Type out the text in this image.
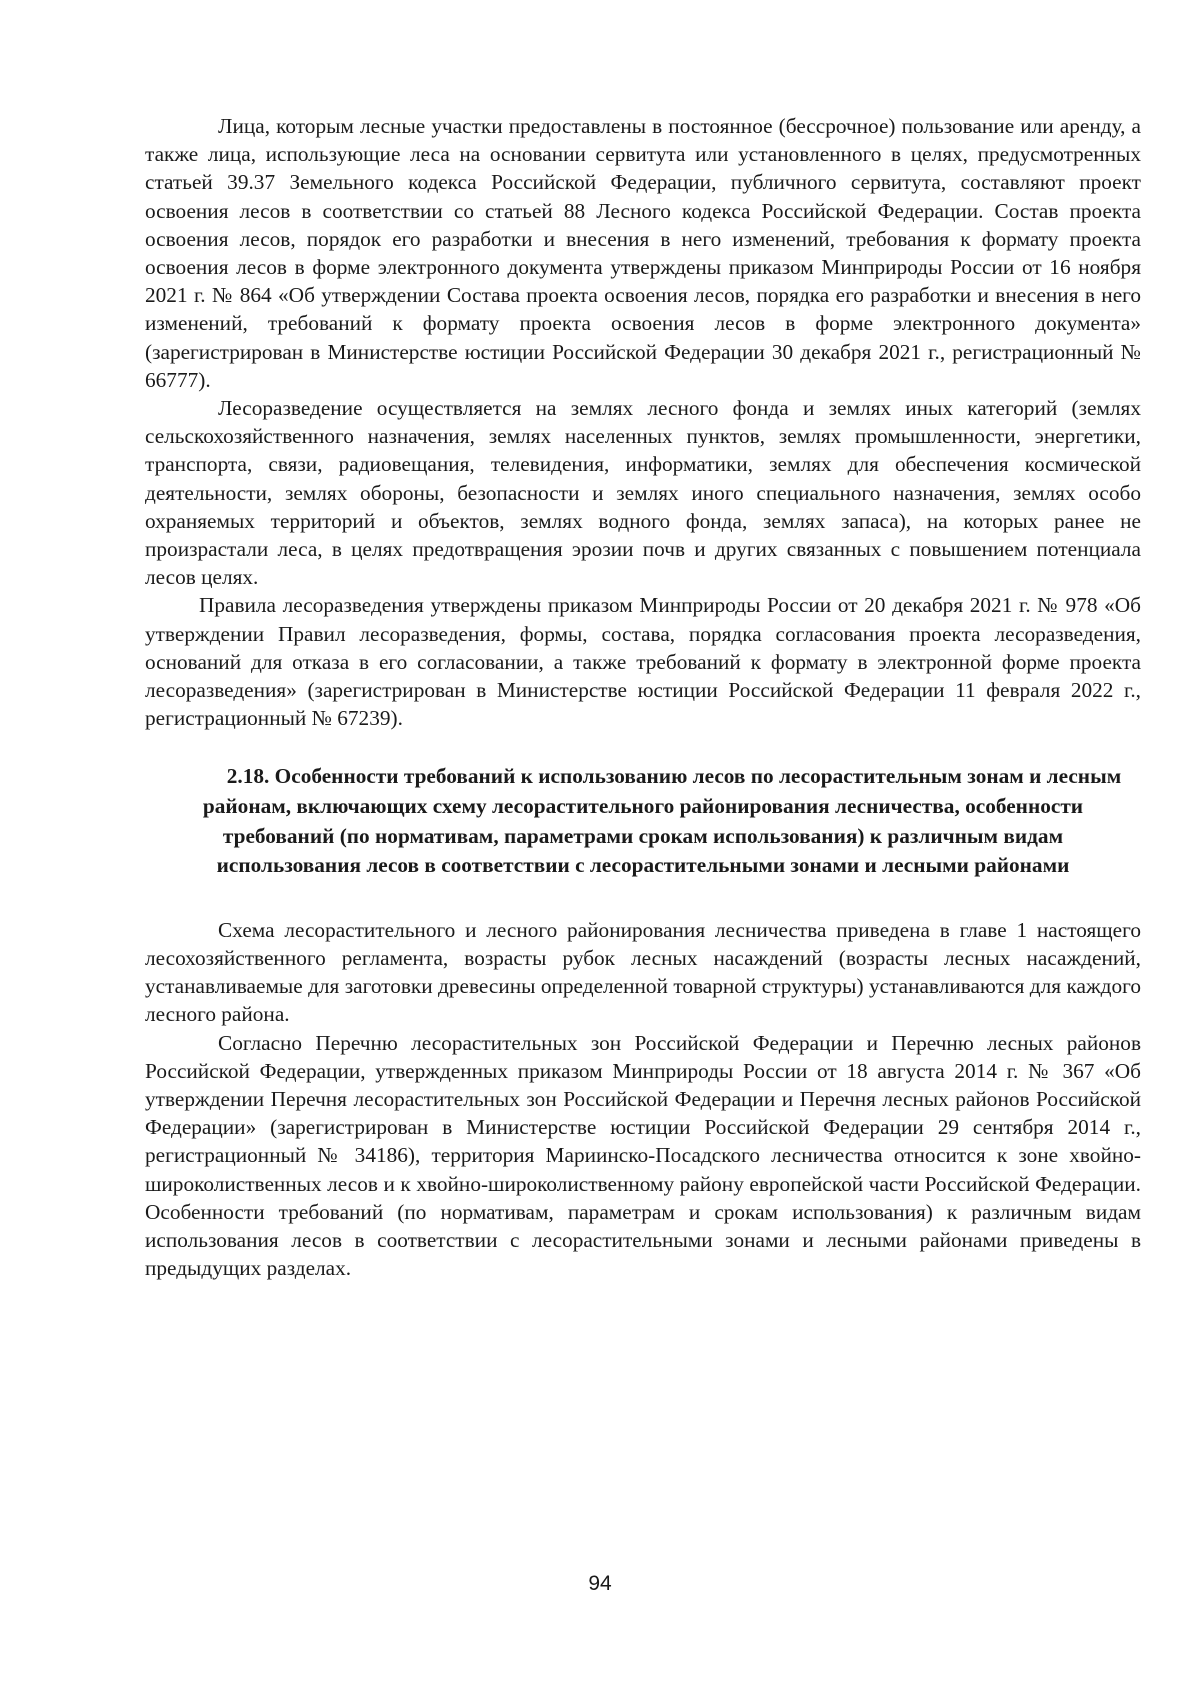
Лица, которым лесные участки предоставлены в постоянное (бессрочное) пользование или аренду, а также лица, использующие леса на основании сервитута или установленного в целях, предусмотренных статьей 39.37 Земельного кодекса Российской Федерации, публичного сервитута, составляют проект освоения лесов в соответствии со статьей 88 Лесного кодекса Российской Федерации. Состав проекта освоения лесов, порядок его разработки и внесения в него изменений, требования к формату проекта освоения лесов в форме электронного документа утверждены приказом Минприроды России от 16 ноября 2021 г. № 864 «Об утверждении Состава проекта освоения лесов, порядка его разработки и внесения в него изменений, требований к формату проекта освоения лесов в форме электронного документа» (зарегистрирован в Министерстве юстиции Российской Федерации 30 декабря 2021 г., регистрационный № 66777).

Лесоразведение осуществляется на землях лесного фонда и землях иных категорий (землях сельскохозяйственного назначения, землях населенных пунктов, землях промышленности, энергетики, транспорта, связи, радиовещания, телевидения, информатики, землях для обеспечения космической деятельности, землях обороны, безопасности и землях иного специального назначения, землях особо охраняемых территорий и объектов, землях водного фонда, землях запаса), на которых ранее не произрастали леса, в целях предотвращения эрозии почв и других связанных с повышением потенциала лесов целях.

Правила лесоразведения утверждены приказом Минприроды России от 20 декабря 2021 г. № 978 «Об утверждении Правил лесоразведения, формы, состава, порядка согласования проекта лесоразведения, оснований для отказа в его согласовании, а также требований к формату в электронной форме проекта лесоразведения» (зарегистрирован в Министерстве юстиции Российской Федерации 11 февраля 2022 г., регистрационный № 67239).

2.18. Особенности требований к использованию лесов по лесорастительным зонам и лесным районам, включающих схему лесорастительного районирования лесничества, особенности требований (по нормативам, параметрами срокам использования) к различным видам использования лесов в соответствии с лесорастительными зонами и лесными районами

Схема лесорастительного и лесного районирования лесничества приведена в главе 1 настоящего лесохозяйственного регламента, возрасты рубок лесных насаждений (возрасты лесных насаждений, устанавливаемые для заготовки древесины определенной товарной структуры) устанавливаются для каждого лесного района.

Согласно Перечню лесорастительных зон Российской Федерации и Перечню лесных районов Российской Федерации, утвержденных приказом Минприроды России от 18 августа 2014 г. № 367 «Об утверждении Перечня лесорастительных зон Российской Федерации и Перечня лесных районов Российской Федерации» (зарегистрирован в Министерстве юстиции Российской Федерации 29 сентября 2014 г., регистрационный № 34186), территория Мариинско-Посадского лесничества относится к зоне хвойно-широколиственных лесов и к хвойно-широколиственному району европейской части Российской Федерации. Особенности требований (по нормативам, параметрам и срокам использования) к различным видам использования лесов в соответствии с лесорастительными зонами и лесными районами приведены в предыдущих разделах.

94
